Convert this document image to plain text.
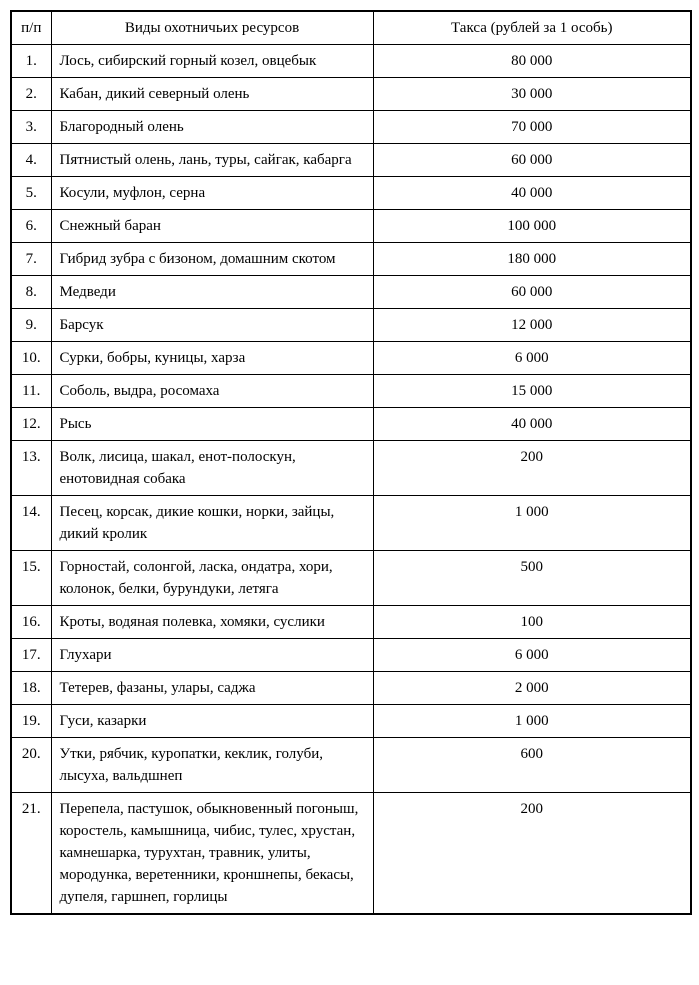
п/п	Виды охотничьих ресурсов	Такса (рублей за 1 особь)
1.	Лось, сибирский горный козел, овцебык	80 000
2.	Кабан, дикий северный олень	30 000
3.	Благородный олень	70 000
4.	Пятнистый олень, лань, туры, сайгак, кабарга	60 000
5.	Косули, муфлон, серна	40 000
6.	Снежный баран	100 000
7.	Гибрид зубра с бизоном, домашним скотом	180 000
8.	Медведи	60 000
9.	Барсук	12 000
10.	Сурки, бобры, куницы, харза	6 000
11.	Соболь, выдра, росомаха	15 000
12.	Рысь	40 000
13.	Волк, лисица, шакал, енот-полоскун, енотовидная собака	200
14.	Песец, корсак, дикие кошки, норки, зайцы, дикий кролик	1 000
15.	Горностай, солонгой, ласка, ондатра, хори, колонок, белки, бурундуки, летяга	500
16.	Кроты, водяная полевка, хомяки, суслики	100
17.	Глухари	6 000
18.	Тетерев, фазаны, улары, саджа	2 000
19.	Гуси, казарки	1 000
20.	Утки, рябчик, куропатки, кеклик, голуби, лысуха, вальдшнеп	600
21.	Перепела, пастушок, обыкновенный погоныш, коростель, камышница, чибис, тулес, хрустан, камнешарка, турухтан, травник, улиты, мородунка, веретенники, кроншнепы, бекасы, дупеля, гаршнеп, горлицы	200
